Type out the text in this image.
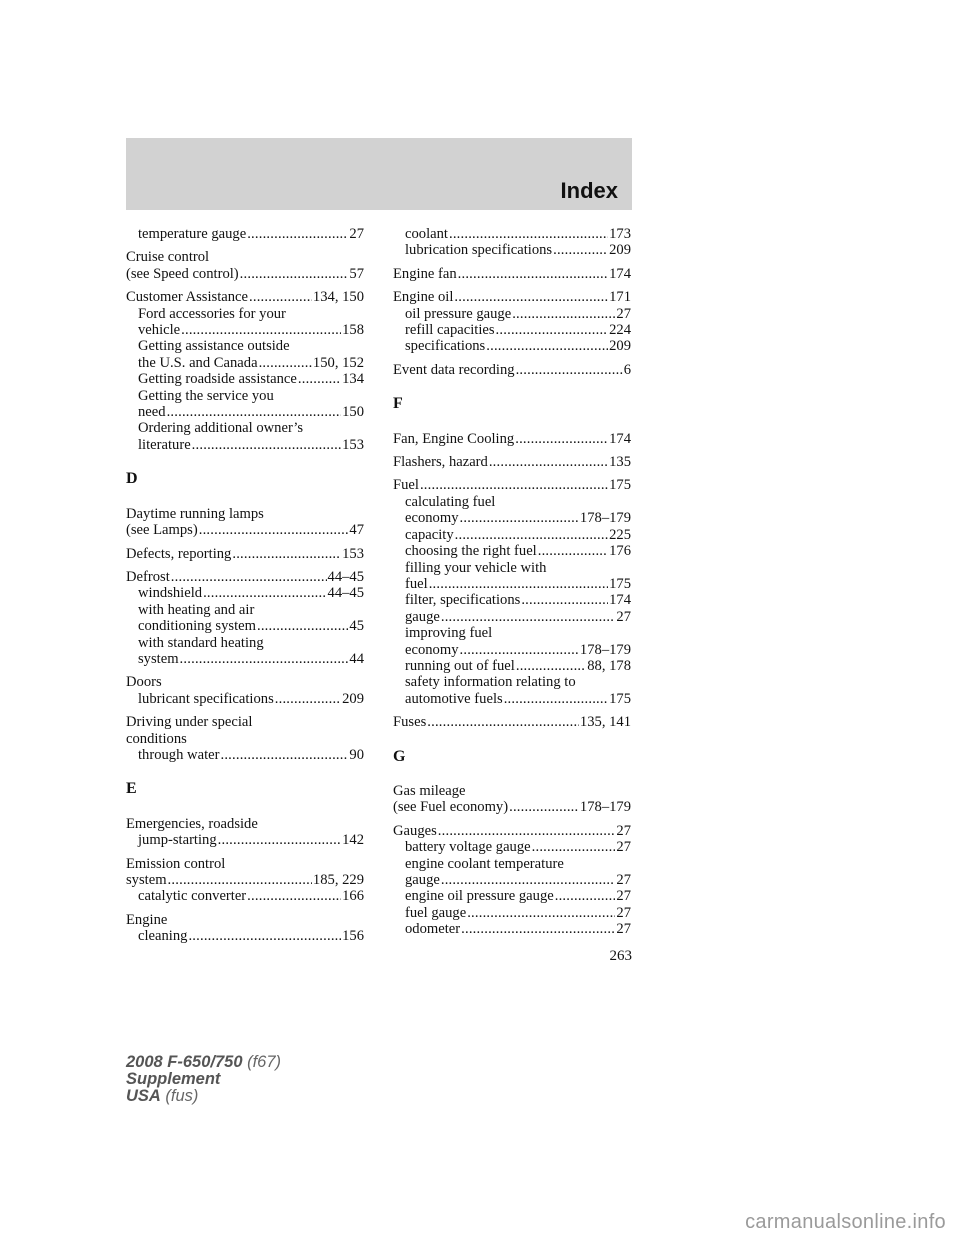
Index
temperature gauge .....	27
Cruise control
(see Speed control) .....	57
Customer Assistance .....	134, 150
Ford accessories for your
vehicle .....	158
Getting assistance outside
the U.S. and Canada .....	150, 152
Getting roadside assistance .....	134
Getting the service you
need .....	150
Ordering additional owner’s
literature .....	153
D
Daytime running lamps
(see Lamps) .....	47
Defects, reporting .....	153
Defrost .....	44–45
windshield .....	44–45
with heating and air
conditioning system .....	45
with standard heating
system .....	44
Doors
lubricant specifications .....	209
Driving under special
conditions
through water .....	90
E
Emergencies, roadside
jump-starting .....	142
Emission control
system .....	185, 229
catalytic converter .....	166
Engine
cleaning .....	156
coolant .....	173
lubrication specifications .....	209
Engine fan .....	174
Engine oil .....	171
oil pressure gauge .....	27
refill capacities .....	224
specifications .....	209
Event data recording .....	6
F
Fan, Engine Cooling .....	174
Flashers, hazard .....	135
Fuel .....	175
calculating fuel
economy .....	178–179
capacity .....	225
choosing the right fuel .....	176
filling your vehicle with
fuel .....	175
filter, specifications .....	174
gauge .....	27
improving fuel
economy .....	178–179
running out of fuel .....	88, 178
safety information relating to
automotive fuels .....	175
Fuses .....	135, 141
G
Gas mileage
(see Fuel economy) .....	178–179
Gauges .....	27
battery voltage gauge .....	27
engine coolant temperature
gauge .....	27
engine oil pressure gauge .....	27
fuel gauge .....	27
odometer .....	27
263
2008 F-650/750 (f67)
Supplement
USA (fus)
carmanualsonline.info
